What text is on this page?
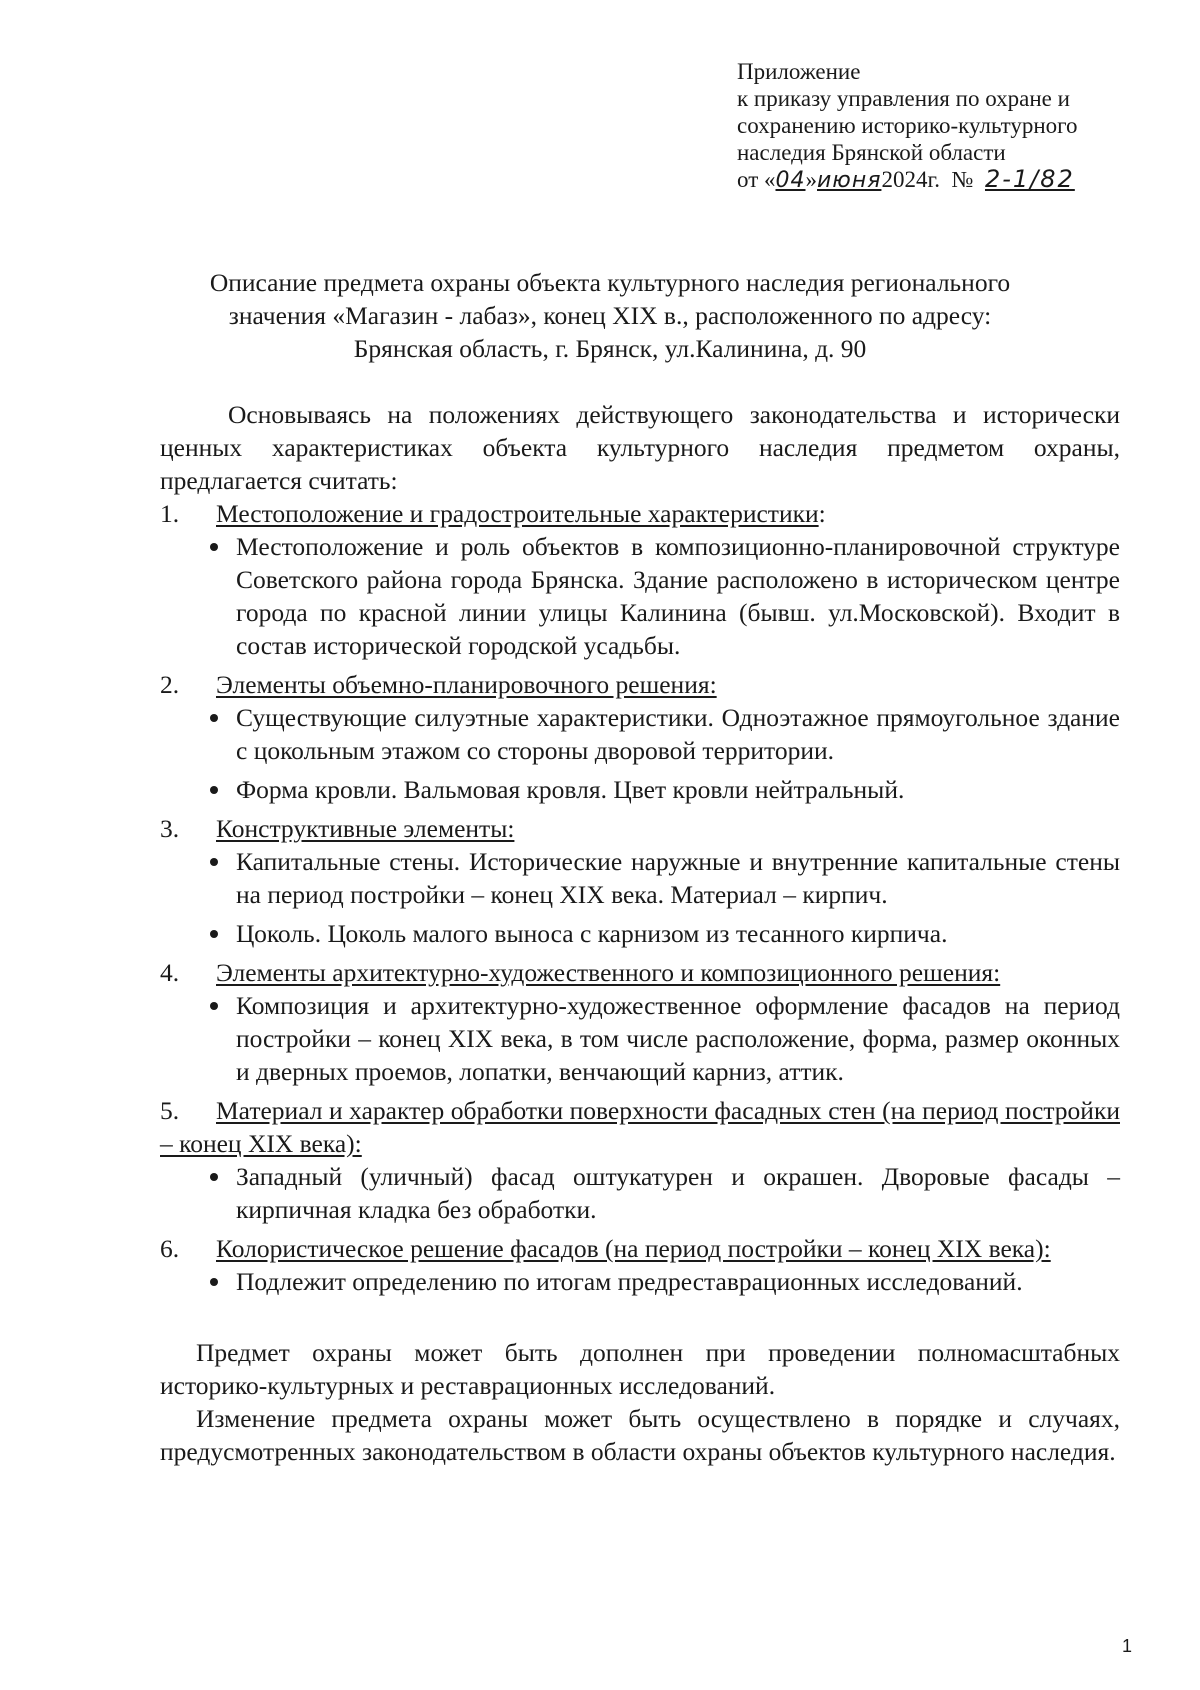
Приложение
к приказу управления по охране и
сохранению историко-культурного
наследия Брянской области
от «04»июня2024г. № 2-1/82
Описание предмета охраны объекта культурного наследия регионального
значения «Магазин - лабаз», конец XIX в., расположенного по адресу:
Брянская область, г. Брянск, ул.Калинина, д. 90

Основываясь на положениях действующего законодательства и исторически ценных характеристиках объекта культурного наследия предметом охраны, предлагается считать:

1.	Местоположение и градостроительные характеристики:
Местоположение и роль объектов в композиционно-планировочной структуре Советского района города Брянска. Здание расположено в историческом центре города по красной линии улицы Калинина (бывш. ул.Московской). Входит в состав исторической городской усадьбы.
2.	Элементы объемно-планировочного решения:
Существующие силуэтные характеристики. Одноэтажное прямоугольное здание с цокольным этажом со стороны дворовой территории.
Форма кровли. Вальмовая кровля. Цвет кровли нейтральный.
3.	Конструктивные элементы:
Капитальные стены. Исторические наружные и внутренние капитальные стены на период постройки – конец XIX века. Материал – кирпич.
Цоколь. Цоколь малого выноса с карнизом из тесанного кирпича.
4.	Элементы архитектурно-художественного и композиционного решения:
Композиция и архитектурно-художественное оформление фасадов на период постройки – конец XIX века, в том числе расположение, форма, размер оконных и дверных проемов, лопатки, венчающий карниз, аттик.

5. Материал и характер обработки поверхности фасадных стен (на период постройки – конец XIX века):

Западный (уличный) фасад оштукатурен и окрашен. Дворовые фасады – кирпичная кладка без обработки.

6. Колористическое решение фасадов (на период постройки – конец XIX века):

Подлежит определению по итогам предреставрационных исследований.

Предмет охраны может быть дополнен при проведении полномасштабных историко-культурных и реставрационных исследований.

Изменение предмета охраны может быть осуществлено в порядке и случаях, предусмотренных законодательством в области охраны объектов культурного наследия.

1
